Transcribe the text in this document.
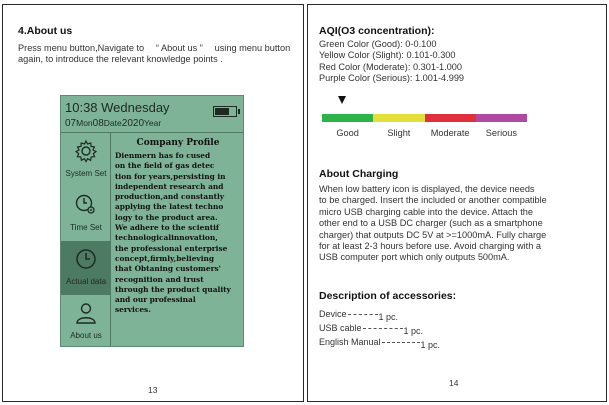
4.About us
Press menu button,Navigate to 　“ About us ” 　using menu button again, to introduce the relevant knowledge points .
10:38 Wednesday
07Mon08Date2020Year
System Set
Time Set
Actual data
About us
Company Profile
Dienmern has fo cused
on the field of gas detec
tion for years,persisting in
independent research and
production,and constantly
applying the latest techno
logy to the product area.
We adhere to the scientif
technologicalinnovation,
the professional enterprise
concept,firmly,believing
that Obtaning customers'
recognition and trust
through the product quality
and our professinal
services.
13
AQI(O3 concentration):
Green Color (Good): 0-0.100
Yellow Color (Slight): 0.101-0.300
Red Color (Moderate): 0.301-1.000
Purple Color (Serious): 1.001-4.999
Good	Slight	Moderate	Serious
About Charging
When low battery icon is displayed, the device needs
to be charged. Insert the included or another compatible
micro USB charging cable into the device. Attach the
other end to a USB DC charger (such as a smartphone
charger) that outputs DC 5V at >=1000mA. Fully charge
for at least 2-3 hours before use. Avoid charging with a
USB computer port which only outputs 500mA.
Description of accessories:
Device	1 pc.
USB cable	1 pc.
English Manual	1 pc.
14
